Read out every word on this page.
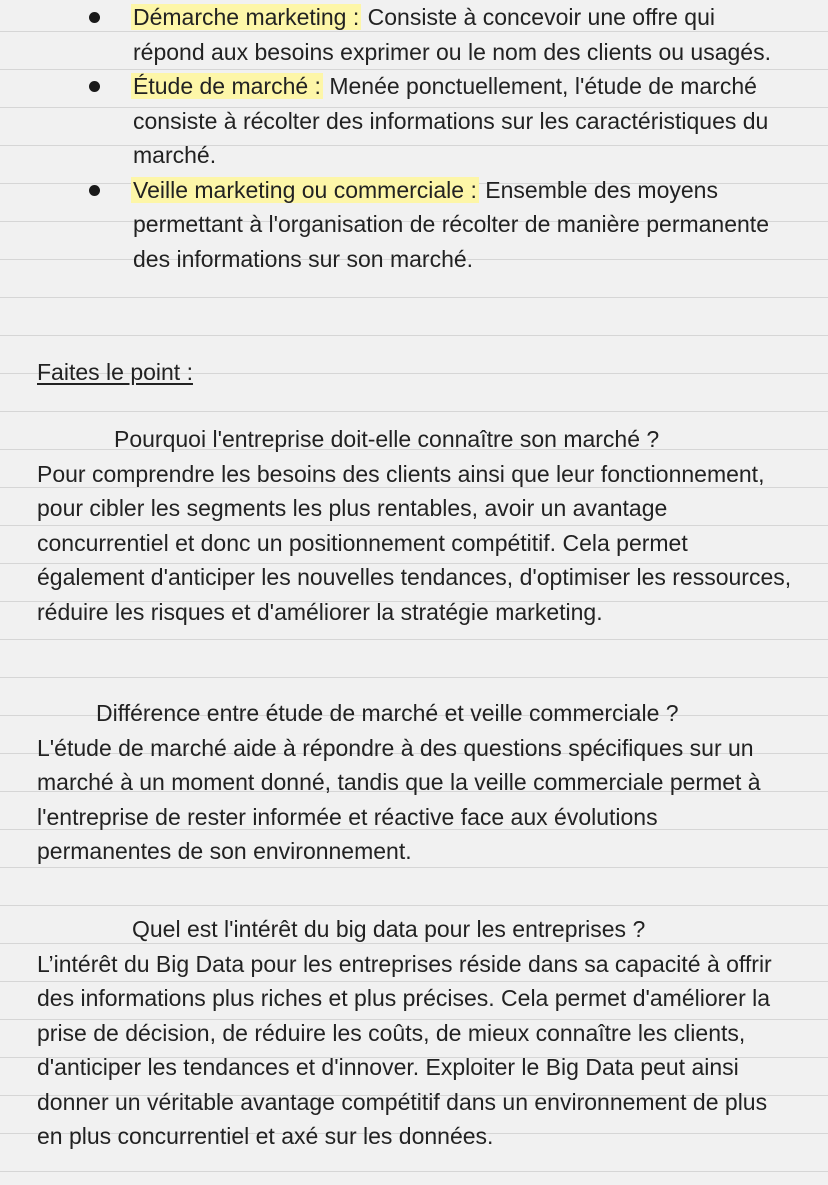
Démarche marketing : Consiste à concevoir une offre qui répond aux besoins exprimer ou le nom des clients ou usagés.
Étude de marché : Menée ponctuellement, l'étude de marché consiste à récolter des informations sur les caractéristiques du marché.
Veille marketing ou commerciale : Ensemble des moyens permettant à l'organisation de récolter de manière permanente des informations sur son marché.
Faites le point :
Pourquoi l'entreprise doit-elle connaître son marché ?
Pour comprendre les besoins des clients ainsi que leur fonctionnement, pour cibler les segments les plus rentables, avoir un avantage concurrentiel et donc un positionnement compétitif. Cela permet également d'anticiper les nouvelles tendances, d'optimiser les ressources, réduire les risques et d'améliorer la stratégie marketing.
Différence entre étude de marché et veille commerciale ?
L'étude de marché aide à répondre à des questions spécifiques sur un marché à un moment donné, tandis que la veille commerciale permet à l'entreprise de rester informée et réactive face aux évolutions permanentes de son environnement.
Quel est l'intérêt du big data pour les entreprises ?
L’intérêt du Big Data pour les entreprises réside dans sa capacité à offrir des informations plus riches et plus précises. Cela permet d'améliorer la prise de décision, de réduire les coûts, de mieux connaître les clients, d'anticiper les tendances et d'innover. Exploiter le Big Data peut ainsi donner un véritable avantage compétitif dans un environnement de plus en plus concurrentiel et axé sur les données.
